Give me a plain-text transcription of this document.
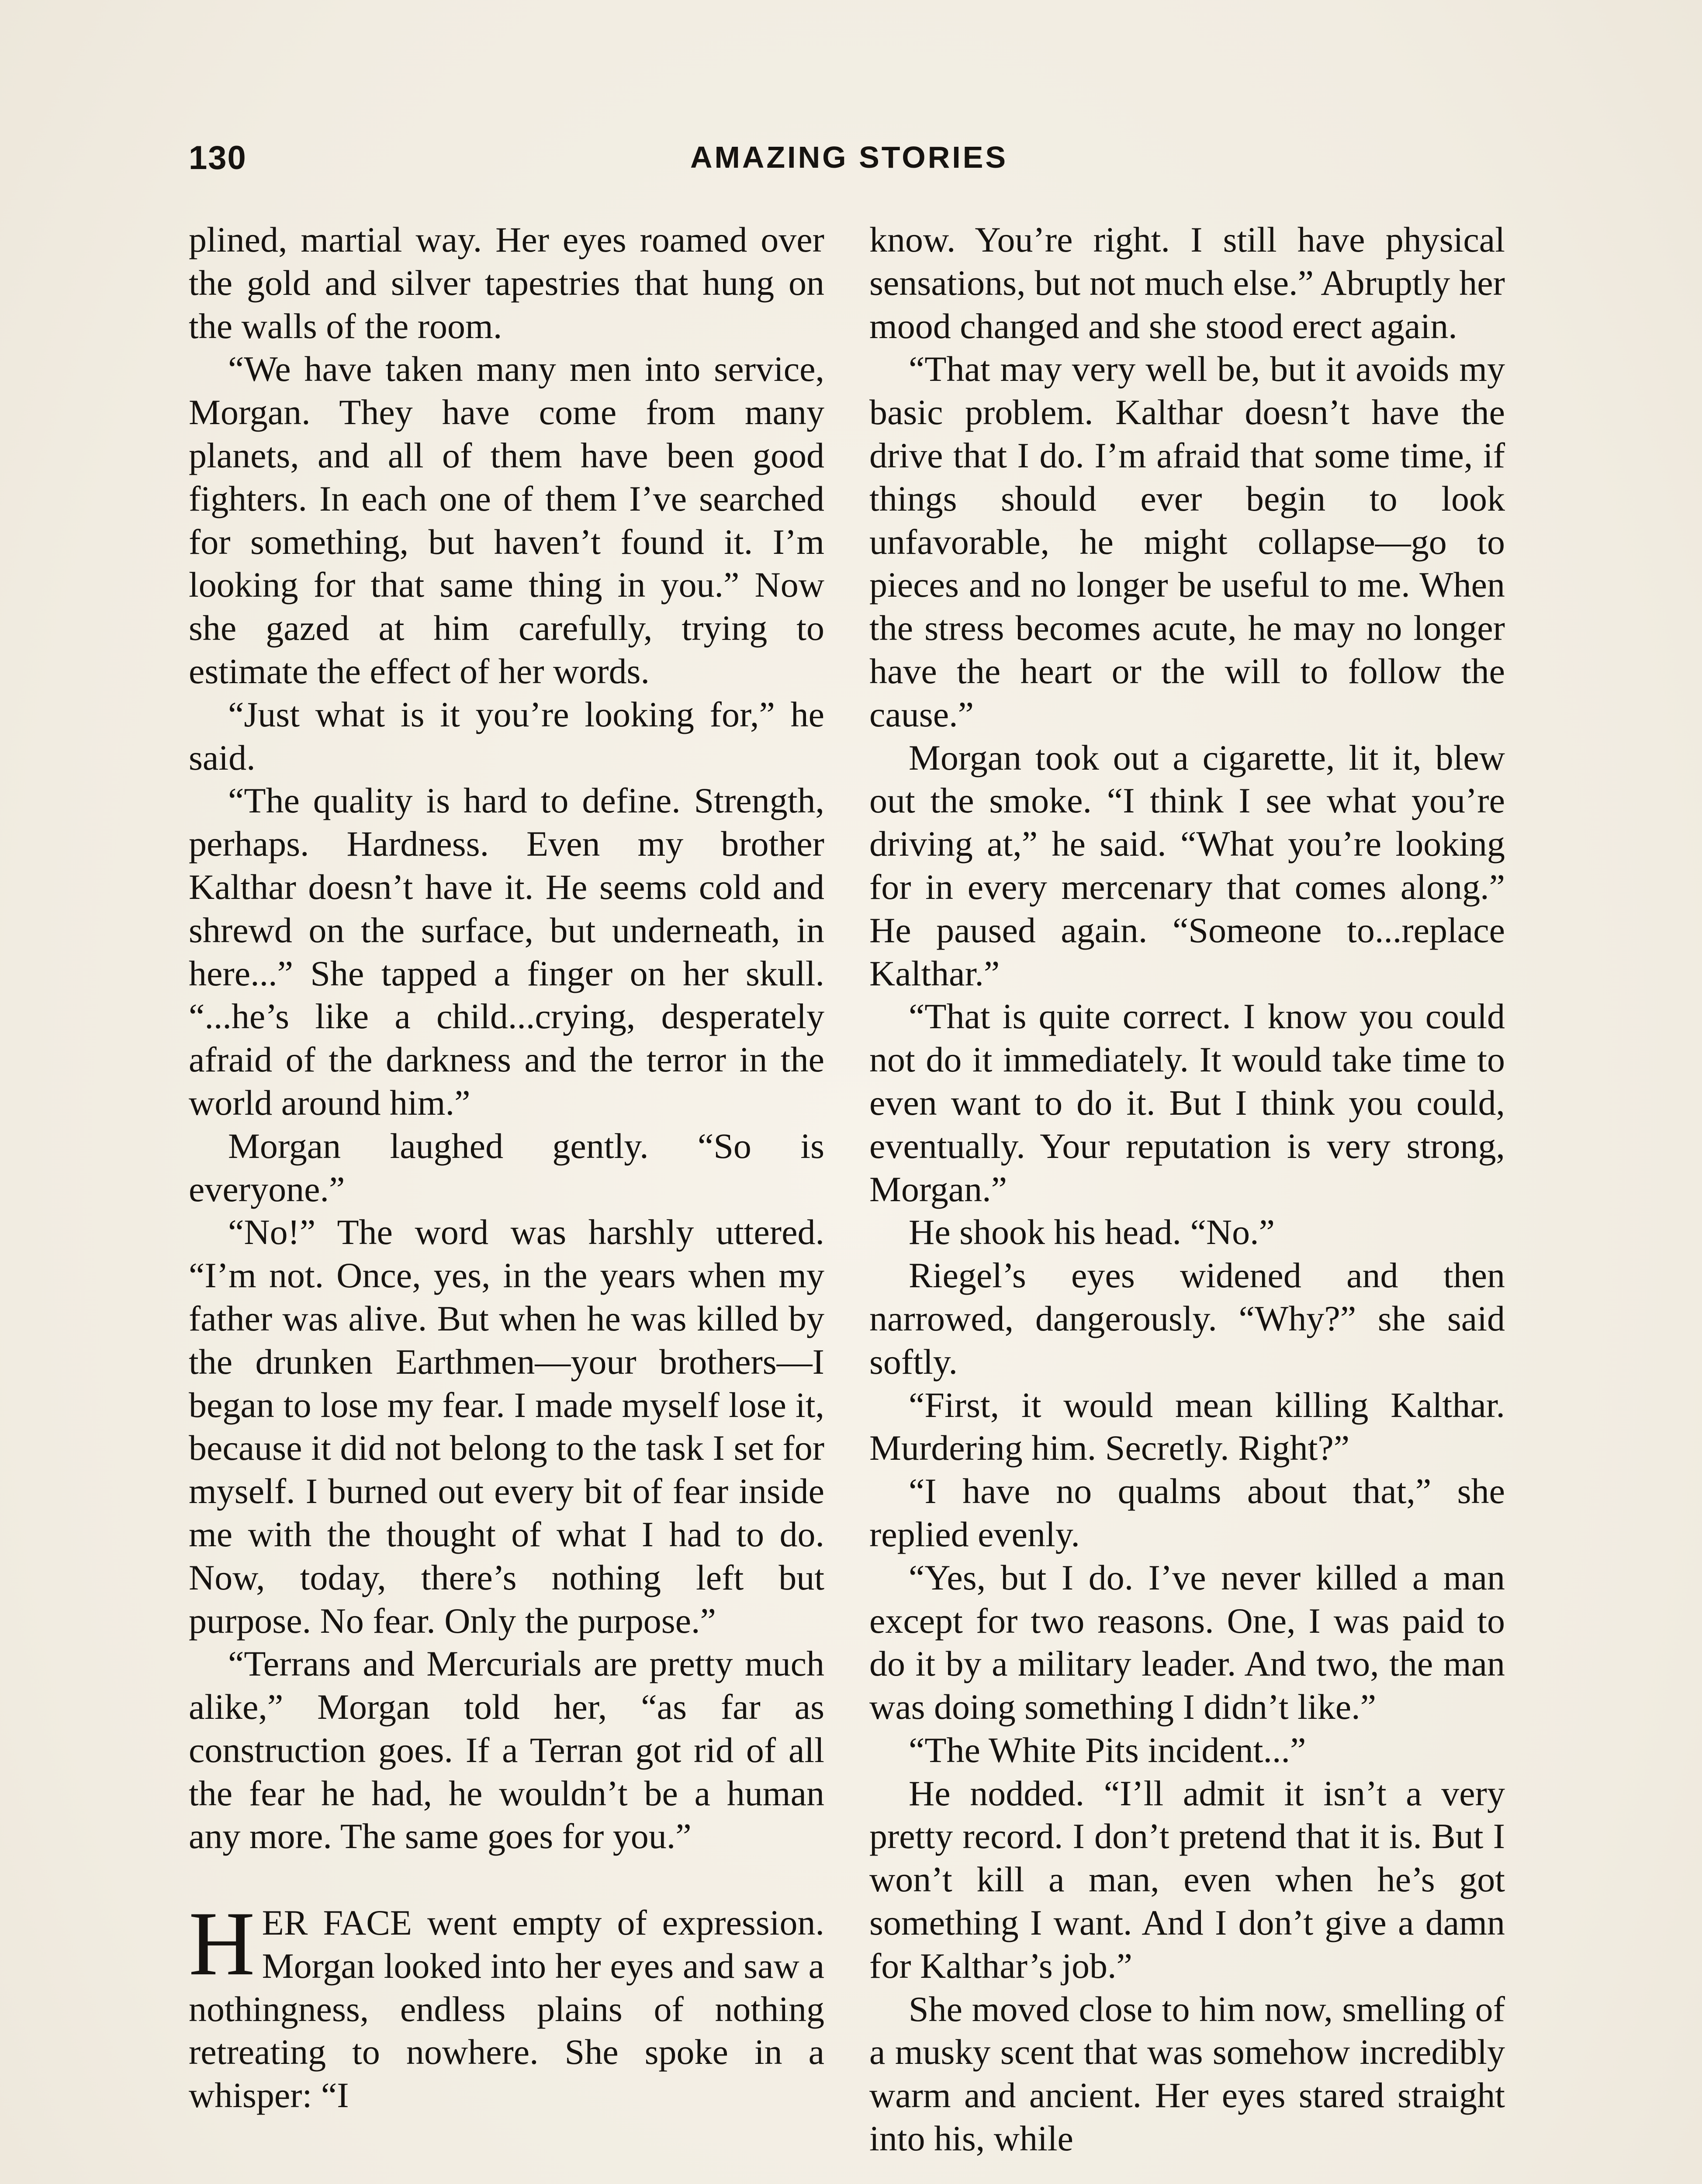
130	AMAZING STORIES

plined, martial way. Her eyes roamed over the gold and silver tapestries that hung on the walls of the room.

“We have taken many men into service, Morgan. They have come from many planets, and all of them have been good fighters. In each one of them I’ve searched for something, but haven’t found it. I’m looking for that same thing in you.” Now she gazed at him carefully, trying to estimate the effect of her words.

“Just what is it you’re looking for,” he said.

“The quality is hard to define. Strength, perhaps. Hardness. Even my brother Kalthar doesn’t have it. He seems cold and shrewd on the surface, but underneath, in here...” She tapped a finger on her skull. “...he’s like a child...crying, desperately afraid of the darkness and the terror in the world around him.”

Morgan laughed gently. “So is everyone.”

“No!” The word was harshly uttered. “I’m not. Once, yes, in the years when my father was alive. But when he was killed by the drunken Earthmen—your brothers—I began to lose my fear. I made myself lose it, because it did not belong to the task I set for myself. I burned out every bit of fear inside me with the thought of what I had to do. Now, today, there’s nothing left but purpose. No fear. Only the purpose.”

“Terrans and Mercurials are pretty much alike,” Morgan told her, “as far as construction goes. If a Terran got rid of all the fear he had, he wouldn’t be a human any more. The same goes for you.”

HER FACE went empty of expression. Morgan looked into her eyes and saw a nothingness, endless plains of nothing retreating to nowhere. She spoke in a whisper: “I

know. You’re right. I still have physical sensations, but not much else.” Abruptly her mood changed and she stood erect again.

“That may very well be, but it avoids my basic problem. Kalthar doesn’t have the drive that I do. I’m afraid that some time, if things should ever begin to look unfavorable, he might collapse—go to pieces and no longer be useful to me. When the stress becomes acute, he may no longer have the heart or the will to follow the cause.”

Morgan took out a cigarette, lit it, blew out the smoke. “I think I see what you’re driving at,” he said. “What you’re looking for in every mercenary that comes along.” He paused again. “Someone to...replace Kalthar.”

“That is quite correct. I know you could not do it immediately. It would take time to even want to do it. But I think you could, eventually. Your reputation is very strong, Morgan.”

He shook his head. “No.”

Riegel’s eyes widened and then narrowed, dangerously. “Why?” she said softly.

“First, it would mean killing Kalthar. Murdering him. Secretly. Right?”

“I have no qualms about that,” she replied evenly.

“Yes, but I do. I’ve never killed a man except for two reasons. One, I was paid to do it by a military leader. And two, the man was doing something I didn’t like.”

“The White Pits incident...”

He nodded. “I’ll admit it isn’t a very pretty record. I don’t pretend that it is. But I won’t kill a man, even when he’s got something I want. And I don’t give a damn for Kalthar’s job.”

She moved close to him now, smelling of a musky scent that was somehow incredibly warm and ancient. Her eyes stared straight into his, while
